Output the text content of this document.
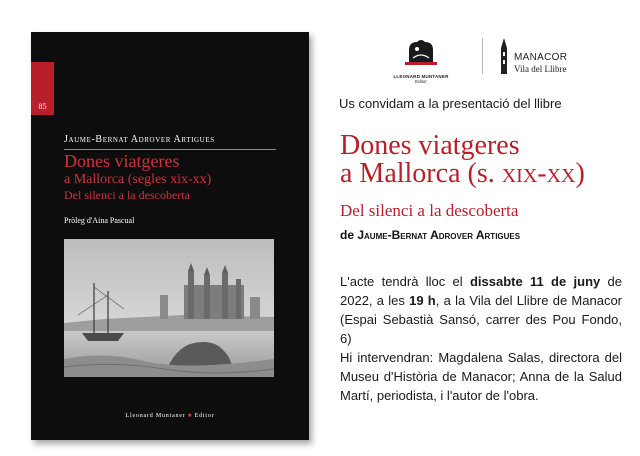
85
Jaume-Bernat Adrover Artigues
Dones viatgeres
a Mallorca (segles xix-xx)
Del silenci a la descoberta
Pròleg d'Aina Pascual
Lleonard Muntaner ■ Editor
LLEONARD MUNTANER
Editor
MANACOR
Vila del Llibre
Us convidam a la presentació del llibre
Dones viatgeres
a Mallorca (s. xix-xx)
Del silenci a la descoberta
de Jaume-Bernat Adrover Artigues
L'acte tendrà lloc el dissabte 11 de juny de 2022, a les 19 h, a la Vila del Llibre de Manacor (Espai Sebastià Sansó, carrer des Pou Fondo, 6)
Hi intervendran: Magdalena Salas, directora del Museu d'Història de Manacor; Anna de la Salud Martí, periodista, i l'autor de l'obra.
